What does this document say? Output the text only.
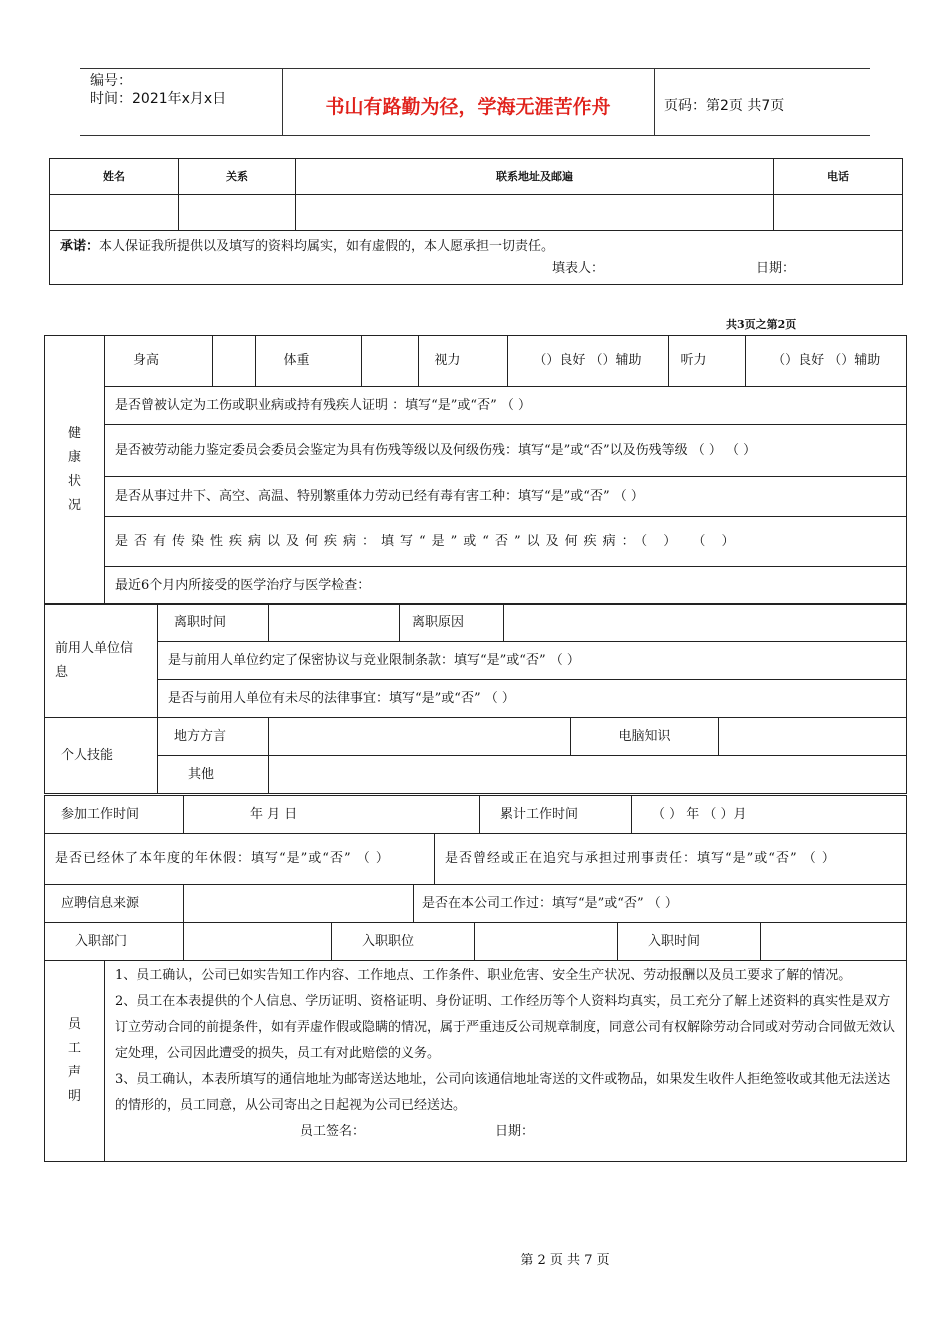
编号：
时间：2021年x月x日	书山有路勤为径，学海无涯苦作舟	页码：第2页 共7页
姓名	关系	联系地址及邮遍	电话

承诺：本人保证我所提供以及填写的资料均属实，如有虚假的，本人愿承担一切责任。
填表人： 日期：			
共3页之第2页
健康状况

身高		体重		视力	（）良好 （）辅助	听力	（）良好 （）辅助

是否曾被认定为工伤或职业病或持有残疾人证明 ：填写“是”或“否” （ ）
是否被劳动能力鉴定委员会委员会鉴定为具有伤残等级以及何级伤残：填写“是”或“否”以及伤残等级 （ ） （ ）
是否从事过井下、高空、高温、特别繁重体力劳动已经有毒有害工种：填写“是”或“否” （ ）
是否有传染性疾病以及何疾病：填写“是”或“否”以及何疾病：（ ） （ ）
最近6个月内所接受的医学治疗与医学检查：
前用人单位信息
	离职时间		离职原因	
是与前用人单位约定了保密协议与竞业限制条款：填写“是”或“否” （ ）
是否与前用人单位有未尽的法律事宜：填写“是”或“否” （ ）
个人技能	地方方言		电脑知识	
	其他			
参加工作时间	年 月 日	累计工作时间	（ ） 年 （ ）月
是否已经休了本年度的年休假：填写“是”或“否” （ ）	是否曾经或正在追究与承担过刑事责任：填写“是”或“否” （ ）
应聘信息来源		是否在本公司工作过：填写“是”或“否” （ ）
入职部门		入职职位		入职时间	
员工声明

1、员工确认，公司已如实告知工作内容、工作地点、工作条件、职业危害、安全生产状况、劳动报酬以及员工要求了解的情况。
2、员工在本表提供的个人信息、学历证明、资格证明、身份证明、工作经历等个人资料均真实，员工充分了解上述资料的真实性是双方订立劳动合同的前提条件，如有弄虚作假或隐瞒的情况，属于严重违反公司规章制度，同意公司有权解除劳动合同或对劳动合同做无效认定处理，公司因此遭受的损失，员工有对此赔偿的义务。
3、员工确认，本表所填写的通信地址为邮寄送达地址，公司向该通信地址寄送的文件或物品，如果发生收件人拒绝签收或其他无法送达的情形的，员工同意，从公司寄出之日起视为公司已经送达。
员工签名：	日期：
第 2 页 共 7 页
